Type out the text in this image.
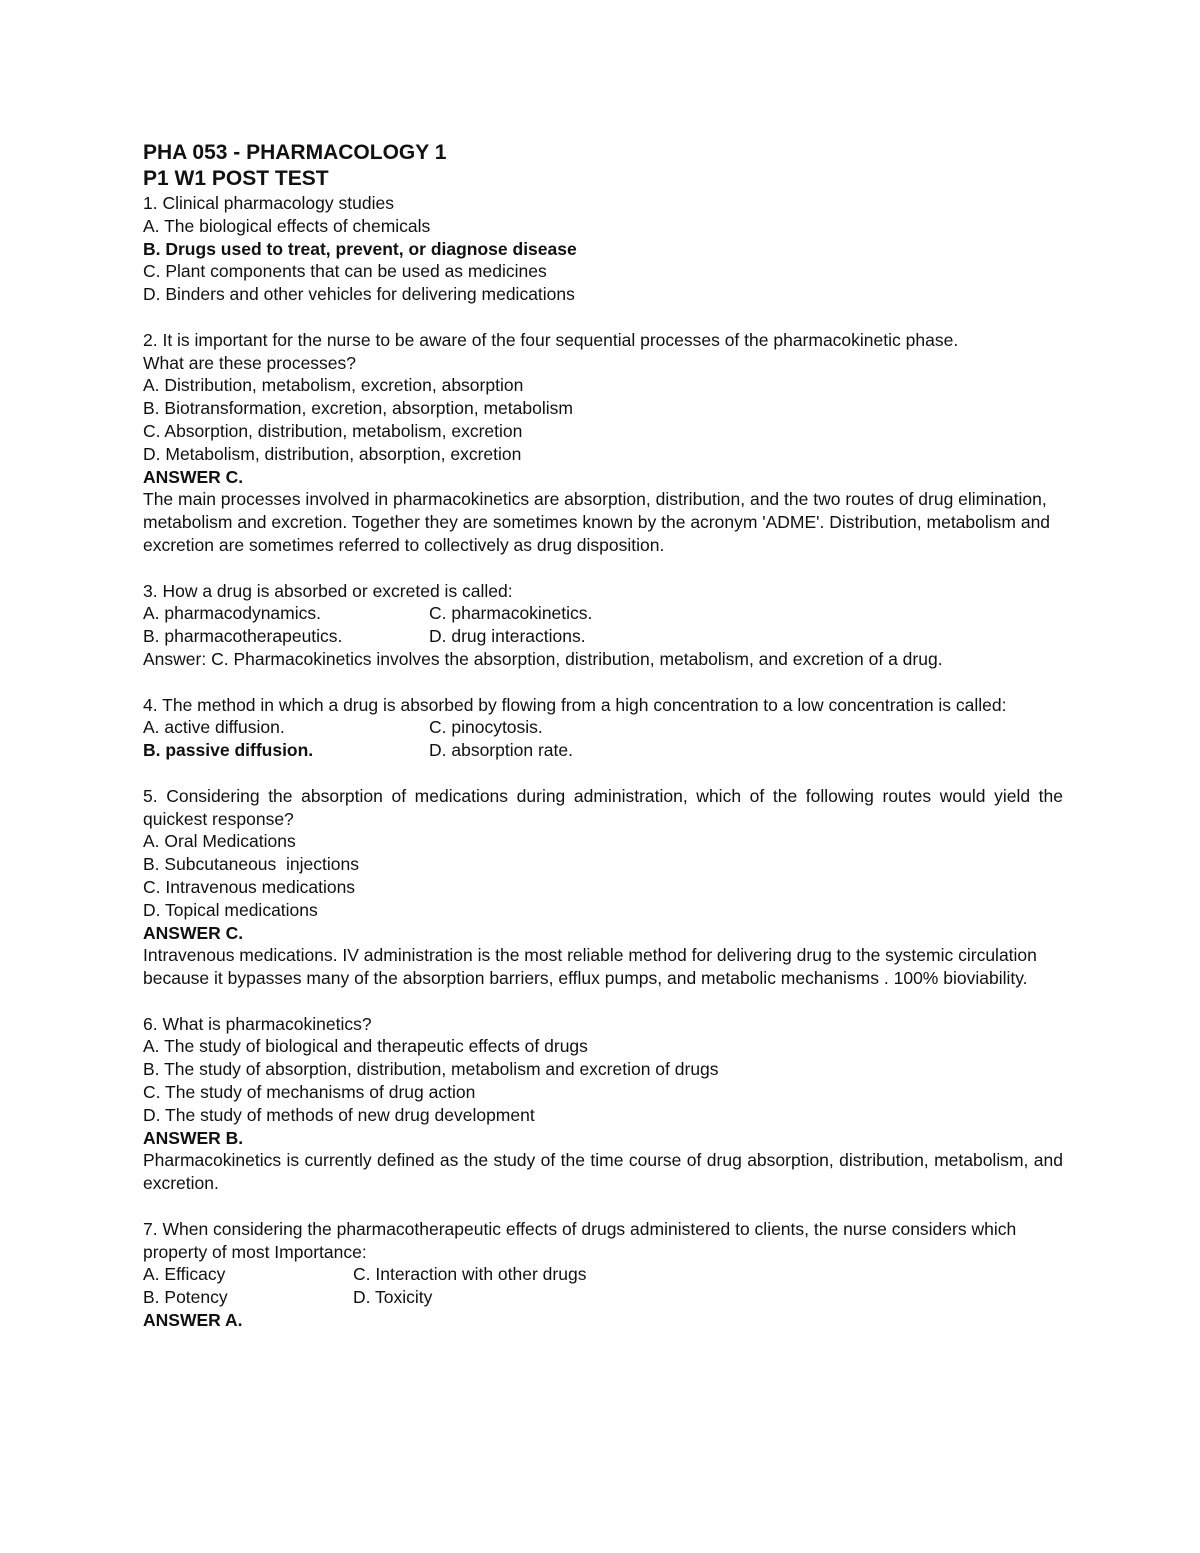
PHA 053 - PHARMACOLOGY 1
P1 W1 POST TEST
1. Clinical pharmacology studies
A. The biological effects of chemicals
B. Drugs used to treat, prevent, or diagnose disease
C. Plant components that can be used as medicines
D. Binders and other vehicles for delivering medications
2. It is important for the nurse to be aware of the four sequential processes of the pharmacokinetic phase.
What are these processes?
A. Distribution, metabolism, excretion, absorption
B. Biotransformation, excretion, absorption, metabolism
C. Absorption, distribution, metabolism, excretion
D. Metabolism, distribution, absorption, excretion
ANSWER C.
The main processes involved in pharmacokinetics are absorption, distribution, and the two routes of drug elimination, metabolism and excretion. Together they are sometimes known by the acronym 'ADME'. Distribution, metabolism and excretion are sometimes referred to collectively as drug disposition.
3. How a drug is absorbed or excreted is called:
A. pharmacodynamics.	C. pharmacokinetics.
B. pharmacotherapeutics.	D. drug interactions.
Answer: C. Pharmacokinetics involves the absorption, distribution, metabolism, and excretion of a drug.
4. The method in which a drug is absorbed by flowing from a high concentration to a low concentration is called:
A. active diffusion.	C. pinocytosis.
B. passive diffusion.	D. absorption rate.
5. Considering the absorption of medications during administration, which of the following routes would yield the quickest response?
A. Oral Medications
B. Subcutaneous  injections
C. Intravenous medications
D. Topical medications
ANSWER C.
Intravenous medications. IV administration is the most reliable method for delivering drug to the systemic circulation because it bypasses many of the absorption barriers, efflux pumps, and metabolic mechanisms . 100% bioviability.
6. What is pharmacokinetics?
A. The study of biological and therapeutic effects of drugs
B. The study of absorption, distribution, metabolism and excretion of drugs
C. The study of mechanisms of drug action
D. The study of methods of new drug development
ANSWER B.
Pharmacokinetics is currently defined as the study of the time course of drug absorption, distribution, metabolism, and excretion.
7. When considering the pharmacotherapeutic effects of drugs administered to clients, the nurse considers which property of most Importance:
A. Efficacy	C. Interaction with other drugs
B. Potency	D. Toxicity
ANSWER A.
